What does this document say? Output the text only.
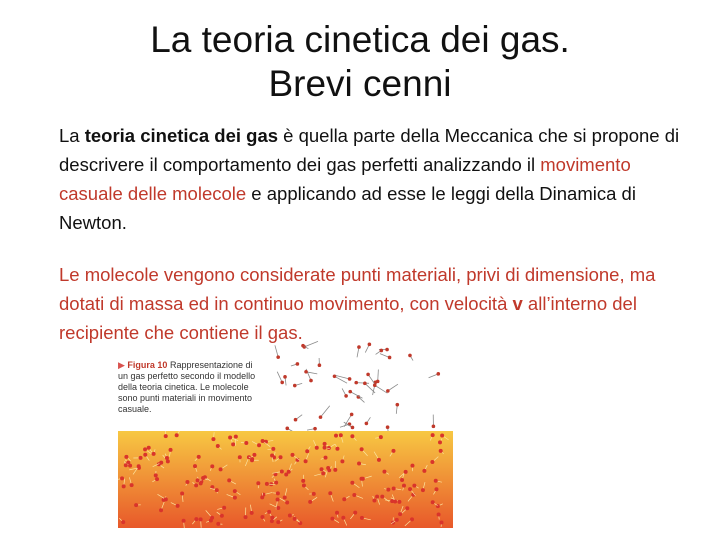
La teoria cinetica dei gas.
Brevi cenni

La teoria cinetica dei gas è quella parte della Meccanica che si propone di descrivere il comportamento dei gas perfetti analizzando il movimento casuale delle molecole e applicando ad esse le leggi della Dinamica di Newton.

Le molecole vengono considerate punti materiali, privi di dimensione, ma dotati di massa ed in continuo movimento, con velocità v all’interno del recipiente che contiene il gas.

▶ Figura 10 Rappresentazione di un gas perfetto secondo il modello della teoria cinetica. Le molecole sono punti materiali in movimento casuale.
